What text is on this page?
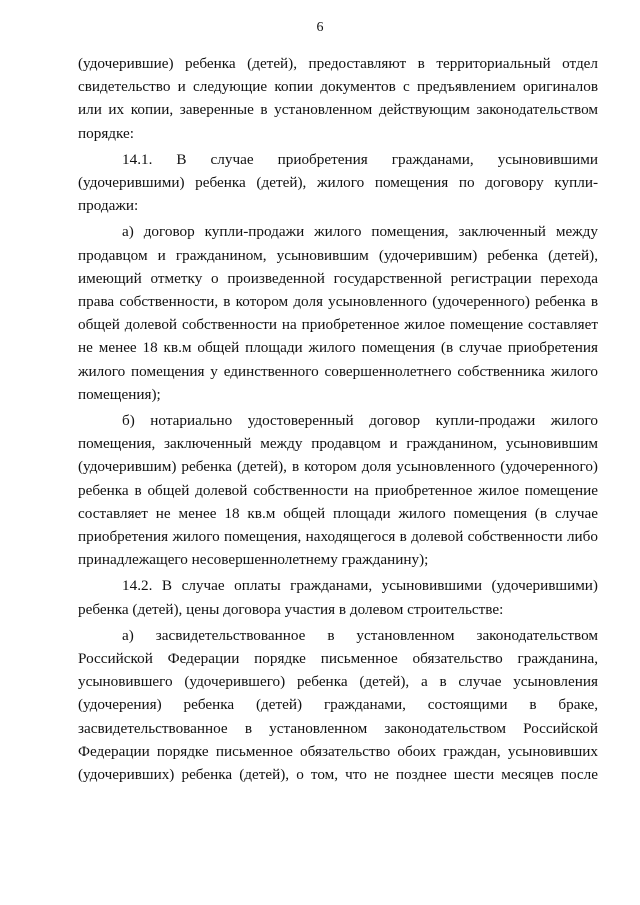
6

(удочерившие) ребенка (детей), предоставляют в территориальный отдел свидетельство и следующие копии документов с предъявлением оригиналов или их копии, заверенные в установленном действующим законодательством порядке:

14.1. В случае приобретения гражданами, усыновившими (удочерившими) ребенка (детей), жилого помещения по договору купли-продажи:

а) договор купли-продажи жилого помещения, заключенный между продавцом и гражданином, усыновившим (удочерившим) ребенка (детей), имеющий отметку о произведенной государственной регистрации перехода права собственности, в котором доля усыновленного (удочеренного) ребенка в общей долевой собственности на приобретенное жилое помещение составляет не менее 18 кв.м общей площади жилого помещения (в случае приобретения жилого помещения у единственного совершеннолетнего собственника жилого помещения);

б) нотариально удостоверенный договор купли-продажи жилого помещения, заключенный между продавцом и гражданином, усыновившим (удочерившим) ребенка (детей), в котором доля усыновленного (удочеренного) ребенка в общей долевой собственности на приобретенное жилое помещение составляет не менее 18 кв.м общей площади жилого помещения (в случае приобретения жилого помещения, находящегося в долевой собственности либо принадлежащего несовершеннолетнему гражданину);

14.2. В случае оплаты гражданами, усыновившими (удочерившими) ребенка (детей), цены договора участия в долевом строительстве:

а) засвидетельствованное в установленном законодательством Российской Федерации порядке письменное обязательство гражданина, усыновившего (удочерившего) ребенка (детей), а в случае усыновления (удочерения) ребенка (детей) гражданами, состоящими в браке, засвидетельствованное в установленном законодательством Российской Федерации порядке письменное обязательство обоих граждан, усыновивших (удочеривших) ребенка (детей), о том, что не позднее шести месяцев после
